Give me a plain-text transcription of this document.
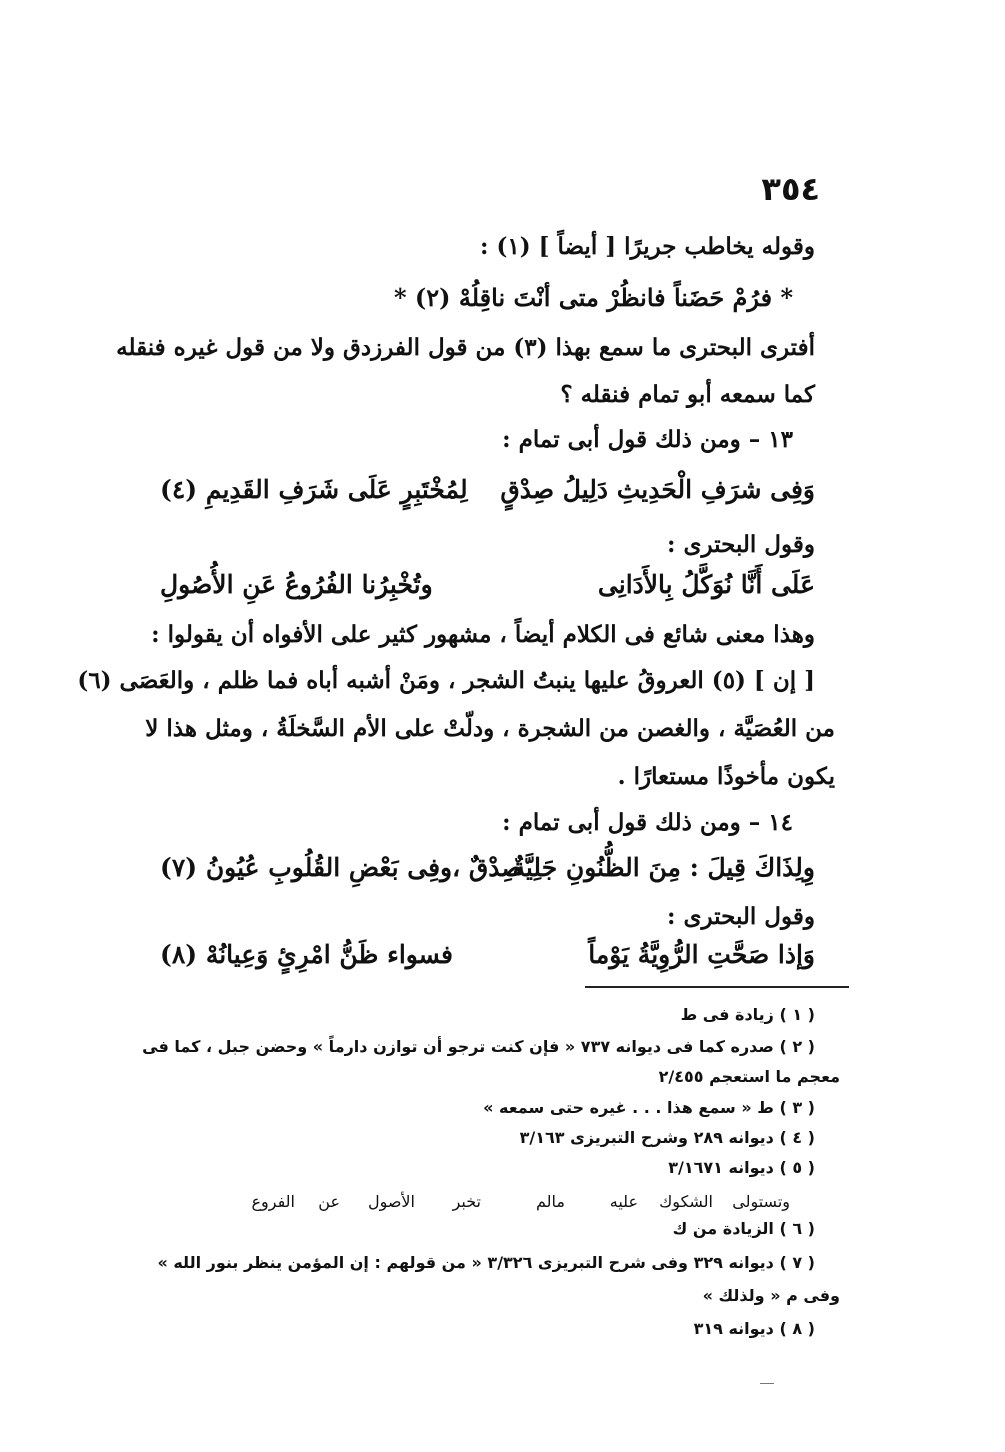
٣٥٤
وقوله يخاطب جريرًا [ أيضاً ] (١) :
* فرُمْ حَضَناً فانظُرْ متى أنْتَ ناقِلُهْ (٢) *
أفترى البحترى ما سمع بهذا (٣) من قول الفرزدق ولا من قول غيره فنقله
كما سمعه أبو تمام فنقله ؟
١٣ – ومن ذلك قول أبى تمام :
وَفِى شرَفِ الْحَدِيثِ دَلِيلُ صِدْقٍ
لِمُخْتَبِرٍ عَلَى شَرَفِ القَدِيمِ (٤)
وقول البحترى :
عَلَى أَنَّا نُوَكَّلُ بِالأَدَانِى
وتُخْبِرُنا الفُرُوعُ عَنِ الأُصُولِ
وهذا معنى شائع فى الكلام أيضاً ، مشهور كثير على الأفواه أن يقولوا :
[ إن ] (٥) العروقُ عليها ينبتُ الشجر ، ومَنْ أشبه أباه فما ظلم ، والعَصَى (٦)
من العُصَيَّة ، والغصن من الشجرة ، ودلّتْ على الأم السَّخلَةُ ، ومثل هذا لا
يكون مأخوذًا مستعارًا .
١٤ – ومن ذلك قول أبى تمام :
وِلِذَاكَ قِيلَ : مِنَ الظُّنُونِ جَلِيَّةٌ
صِدْقٌ ،وفِى بَعْضِ القُلُوبِ عُيُونُ (٧)
وقول البحترى :
وَإذا صَحَّتِ الرُّوِيَّةُ يَوْماً
فسواء ظَنُّ امْرِئٍ وَعِيانُهْ (٨)
( ١ ) زيادة فى ط
( ٢ ) صدره كما فى ديوانه ٧٣٧ « فإن كنت ترجو أن توازن دارماً » وحضن جبل ، كما فى
معجم ما استعجم ٢/٤٥٥
( ٣ ) ط « سمع هذا . . . غيره حتى سمعه »
( ٤ ) ديوانه ٢٨٩ وشرح التبريزى ٣/١٦٣
( ٥ ) ديوانه ٣/١٦٧١
وتستولى
الشكوك
عليه
مالم
تخبر
الأصول
عن
الفروع
( ٦ ) الزيادة من ك
( ٧ ) ديوانه ٣٢٩ وفى شرح التبريزى ٣/٣٢٦ « من قولهم : إن المؤمن ينظر بنور الله »
وفى م « ولذلك »
( ٨ ) ديوانه ٣١٩
